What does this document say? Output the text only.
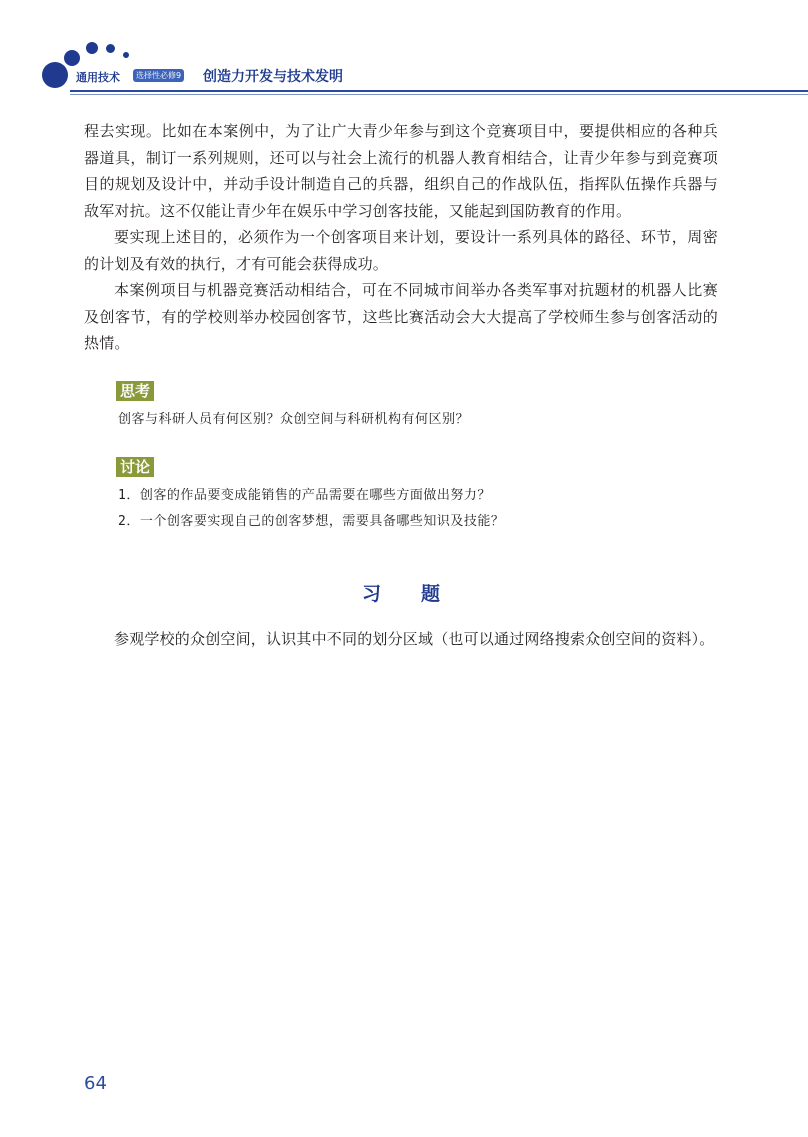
通用技术	选择性必修9 创造力开发与技术发明

程去实现。比如在本案例中，为了让广大青少年参与到这个竞赛项目中，要提供相应的各种兵器道具，制订一系列规则，还可以与社会上流行的机器人教育相结合，让青少年参与到竞赛项目的规划及设计中，并动手设计制造自己的兵器，组织自己的作战队伍，指挥队伍操作兵器与敌军对抗。这不仅能让青少年在娱乐中学习创客技能，又能起到国防教育的作用。

要实现上述目的，必须作为一个创客项目来计划，要设计一系列具体的路径、环节，周密的计划及有效的执行，才有可能会获得成功。

本案例项目与机器竞赛活动相结合，可在不同城市间举办各类军事对抗题材的机器人比赛及创客节，有的学校则举办校园创客节，这些比赛活动会大大提高了学校师生参与创客活动的热情。

思考
创客与科研人员有何区别？众创空间与科研机构有何区别？
讨论
1．创客的作品要变成能销售的产品需要在哪些方面做出努力？
2．一个创客要实现自己的创客梦想，需要具备哪些知识及技能？
习题

参观学校的众创空间，认识其中不同的划分区域（也可以通过网络搜索众创空间的资料）。

64
